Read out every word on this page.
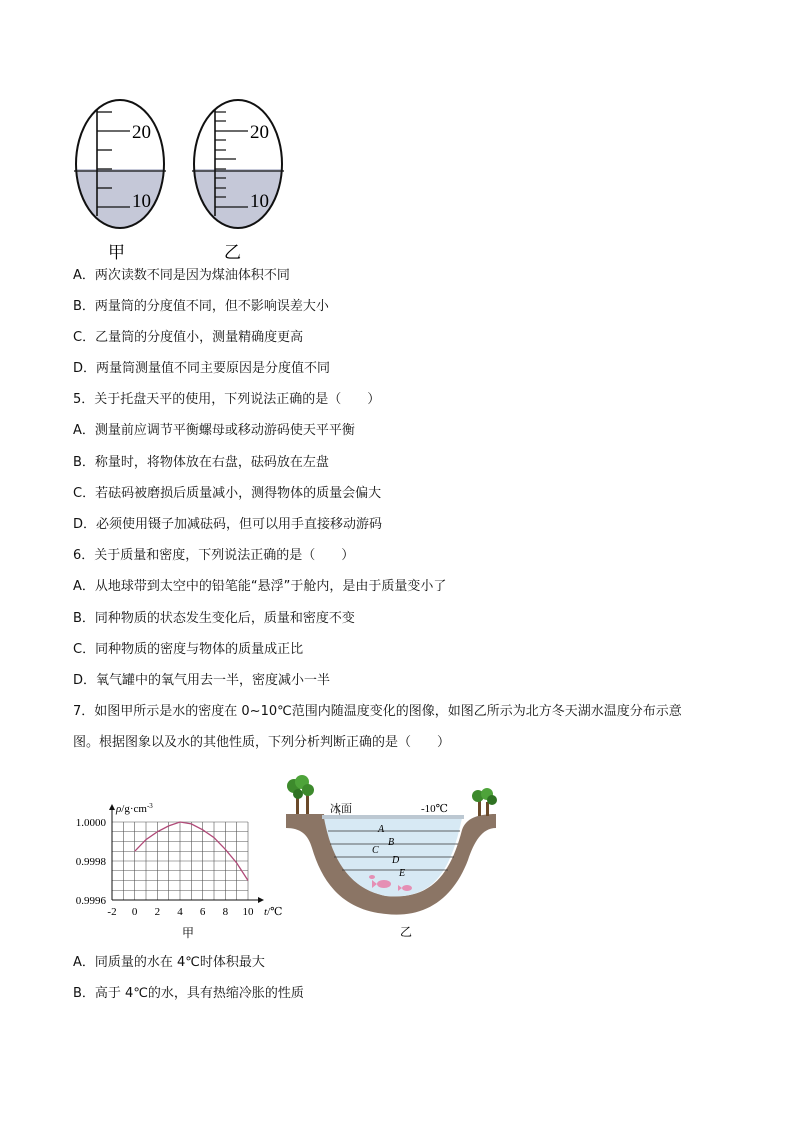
20
10
甲
20
10
乙
A．两次读数不同是因为煤油体积不同
B．两量筒的分度值不同，但不影响误差大小
C．乙量筒的分度值小，测量精确度更高
D．两量筒测量值不同主要原因是分度值不同
5．关于托盘天平的使用，下列说法正确的是（　　）
A．测量前应调节平衡螺母或移动游码使天平平衡
B．称量时，将物体放在右盘，砝码放在左盘
C．若砝码被磨损后质量减小，测得物体的质量会偏大
D．必须使用镊子加减砝码，但可以用手直接移动游码
6．关于质量和密度，下列说法正确的是（　　）
A．从地球带到太空中的铅笔能“悬浮”于舱内，是由于质量变小了
B．同种物质的状态发生变化后，质量和密度不变
C．同种物质的密度与物体的质量成正比
D．氧气罐中的氧气用去一半，密度减小一半
7．如图甲所示是水的密度在 0~10℃范围内随温度变化的图像，如图乙所示为北方冬天湖水温度分布示意
图。根据图象以及水的其他性质，下列分析判断正确的是（　　）
-2 0 2 4 6 8 10
1.0000
0.9998
0.9996
$\rho/g\cdot cm^{-3}$
t/℃
甲
A
B
C
D
E
冰面	-10℃
乙
A．同质量的水在 4℃时体积最大
B．高于 4℃的水，具有热缩冷胀的性质
